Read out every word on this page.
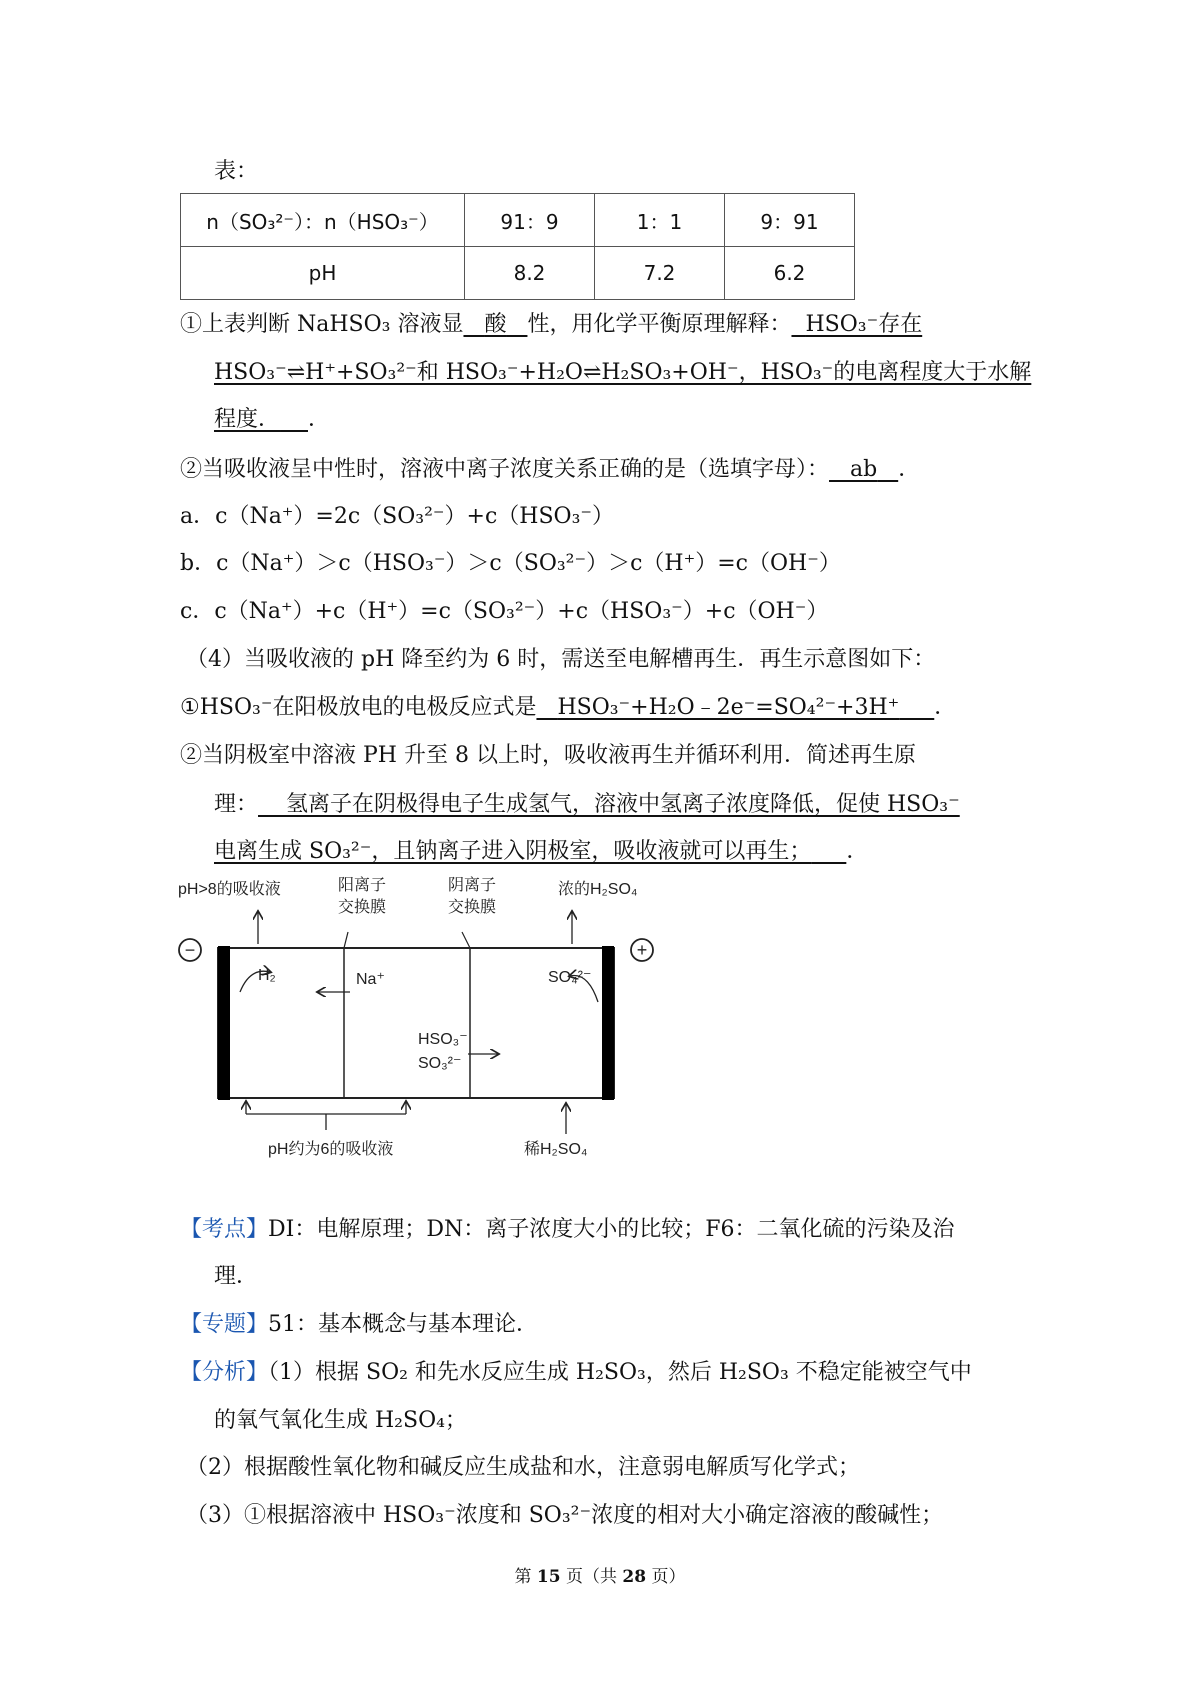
表：
n（SO₃²⁻）：n（HSO₃⁻）	91：9	1：1	9：91
pH	8.2	7.2	6.2
①上表判断 NaHSO₃ 溶液显 酸 性，用化学平衡原理解释： HSO₃⁻存在
HSO₃⁻⇌H⁺+SO₃²⁻和 HSO₃⁻+H₂O⇌H₂SO₃+OH⁻，HSO₃⁻的电离程度大于水解
程度． ．
②当吸收液呈中性时，溶液中离子浓度关系正确的是（选填字母）： ab ．
a．c（Na⁺）=2c（SO₃²⁻）+c（HSO₃⁻）
b．c（Na⁺）＞c（HSO₃⁻）＞c（SO₃²⁻）＞c（H⁺）=c（OH⁻）
c．c（Na⁺）+c（H⁺）=c（SO₃²⁻）+c（HSO₃⁻）+c（OH⁻）
（4）当吸收液的 pH 降至约为 6 时，需送至电解槽再生．再生示意图如下：
①HSO₃⁻在阳极放电的电极反应式是 HSO₃⁻+H₂O﹣2e⁻=SO₄²⁻+3H⁺ ．
②当阴极室中溶液 PH 升至 8 以上时，吸收液再生并循环利用．简述再生原
理： 氢离子在阴极得电子生成氢气，溶液中氢离子浓度降低，促使 HSO₃⁻
电离生成 SO₃²⁻，且钠离子进入阴极室，吸收液就可以再生； ．
−	+
pH>8的吸收液	阳离子
交换膜
阴离子
交换膜
浓的H₂SO₄
H₂	Na⁺	SO₄²⁻
HSO₃⁻
SO₃²⁻
pH约为6的吸收液	稀H₂SO₄
【考点】DI：电解原理；DN：离子浓度大小的比较；F6：二氧化硫的污染及治
理．
【专题】51：基本概念与基本理论．
【分析】（1）根据 SO₂ 和先水反应生成 H₂SO₃，然后 H₂SO₃ 不稳定能被空气中
的氧气氧化生成 H₂SO₄；
（2）根据酸性氧化物和碱反应生成盐和水，注意弱电解质写化学式；
（3）①根据溶液中 HSO₃⁻浓度和 SO₃²⁻浓度的相对大小确定溶液的酸碱性；
第 15 页（共 28 页）
